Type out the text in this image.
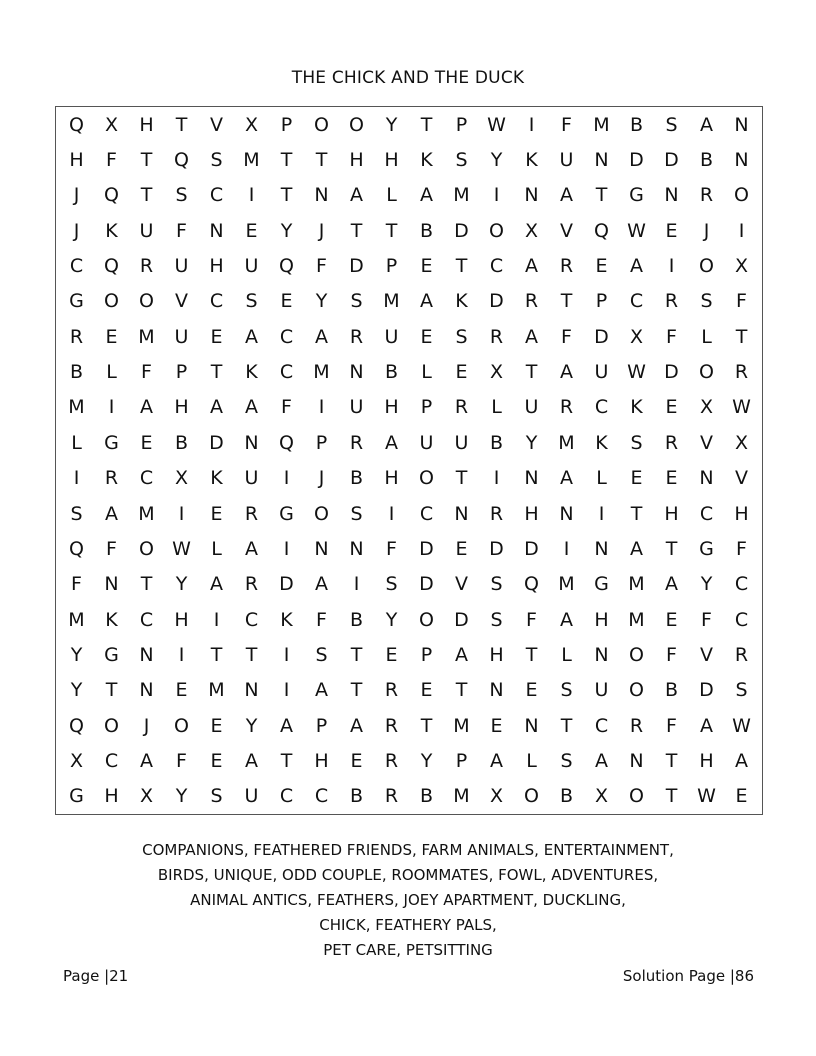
THE CHICK AND THE DUCK
Q	X	H	T	V	X	P	O	O	Y	T	P	W	I	F	M	B	S	A	N
H	F	T	Q	S	M	T	T	H	H	K	S	Y	K	U	N	D	D	B	N
J	Q	T	S	C	I	T	N	A	L	A	M	I	N	A	T	G	N	R	O
J	K	U	F	N	E	Y	J	T	T	B	D	O	X	V	Q W	E	J	I
C	Q	R	U	H	U	Q	F	D	P	E	T	C	A	R	E	A	I	O	X
G	O	O	V	C	S	E	Y	S	M	A	K	D	R	T	P	C	R	S	F
R	E	M	U	E	A	C	A	R	U	E	S	R	A	F	D	X	F	L	T
B	L	F	P	T	K	C	M	N	B	L	E	X	T	A	U W D	O	R
M	I	A	H	A	A	F	I	U	H	P	R	L	U	R	C	K	E	X	W
L	G	E	B	D	N	Q	P	R	A	U	U	B	Y	M	K	S	R	V	X
I	R	C	X	K	U	I	J	B	H	O	T	I	N	A	L	E	E	N	V
S	A	M	I	E	R	G	O	S	I	C	N	R	H	N	I	T	H	C	H
Q	F	O W	L	A	I	N	N	F	D	E	D	D	I	N	A	T	G	F
F	N	T	Y	A	R	D	A	I	S	D	V	S	Q	M	G	M	A	Y	C
M	K	C	H	I	C	K	F	B	Y	O	D	S	F	A	H	M	E	F	C
Y	G	N	I	T	T	I	S	T	E	P	A	H	T	L	N	O	F	V	R
Y	T	N	E	M	N	I	A	T	R	E	T	N	E	S	U	O	B	D	S
Q	O	J	O	E	Y	A	P	A	R	T	M	E	N	T	C	R	F	A	W
X	C	A	F	E	A	T	H	E	R	Y	P	A	L	S	A	N	T	H	A
G	H	X	Y	S	U	C	C	B	R	B	M	X	O	B	X	O	T	W	E
COMPANIONS, FEATHERED FRIENDS, FARM ANIMALS, ENTERTAINMENT,
BIRDS, UNIQUE, ODD COUPLE, ROOMMATES, FOWL, ADVENTURES,
ANIMAL ANTICS, FEATHERS, JOEY APARTMENT, DUCKLING,
CHICK, FEATHERY PALS,
PET CARE, PETSITTING
Page |21	Solution Page |86
